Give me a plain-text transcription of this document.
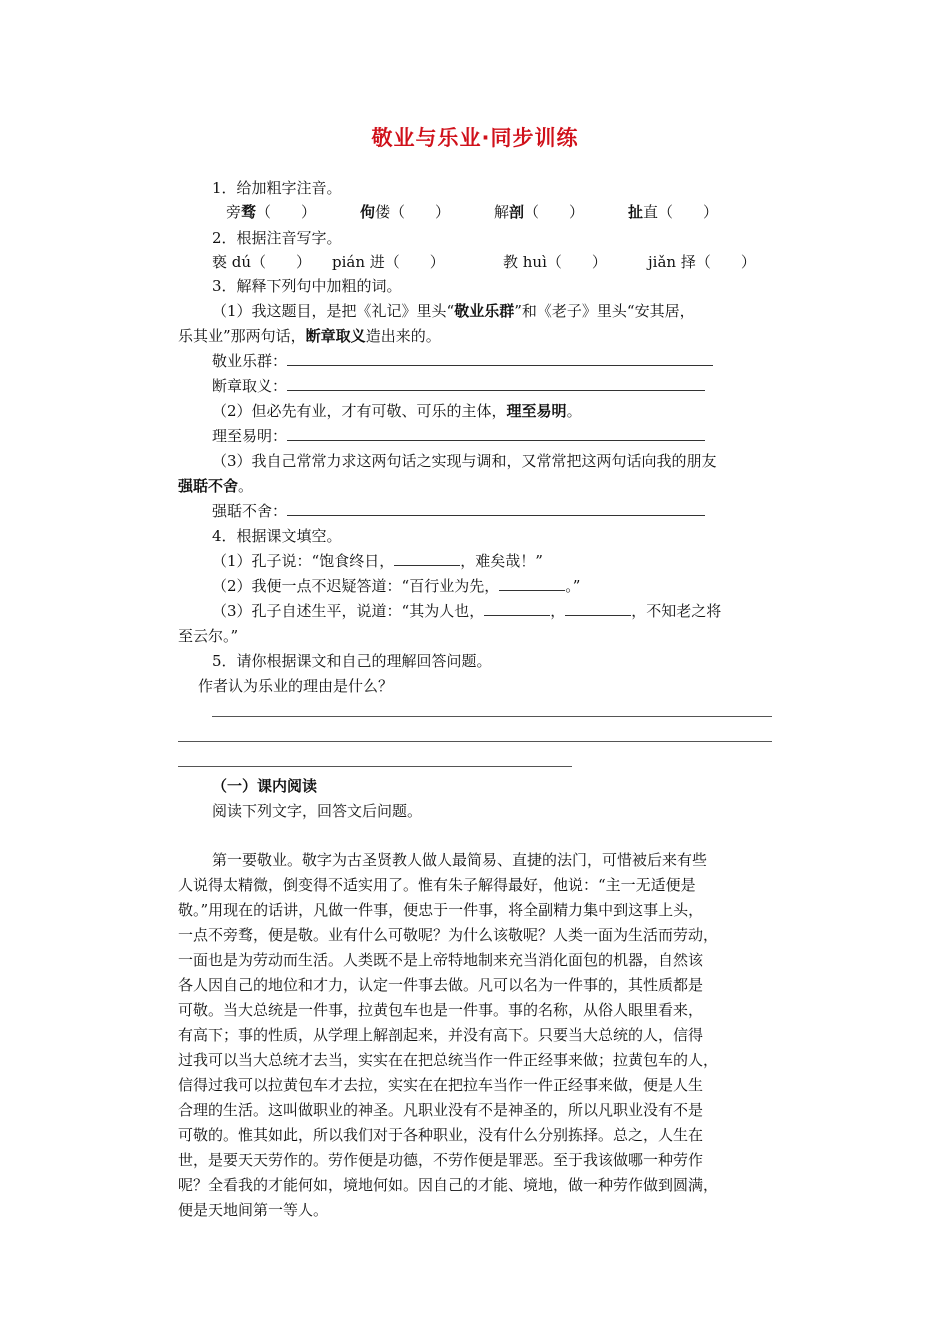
敬业与乐业·同步训练
1．给加粗字注音。
旁骛（　　）	佝偻（　　）	解剖（　　）	扯直（　　）
2．根据注音写字。
亵 dú（　　） pián 进（　　）	教 huì（　　）	jiǎn 择（　　）
3．解释下列句中加粗的词。
（1）我这题目，是把《礼记》里头“敬业乐群”和《老子》里头“安其居，
乐其业”那两句话，断章取义造出来的。
敬业乐群：
断章取义：
（2）但必先有业，才有可敬、可乐的主体，理至易明。
理至易明：
（3）我自己常常力求这两句话之实现与调和，又常常把这两句话向我的朋友
强聒不舍。
强聒不舍：
4．根据课文填空。
（1）孔子说：“饱食终日，	，难矣哉！”
（2）我便一点不迟疑答道：“百行业为先，	。”
（3）孔子自述生平，说道：“其为人也，	，	，不知老之将
至云尔。”
5．请你根据课文和自己的理解回答问题。
作者认为乐业的理由是什么？
（一）课内阅读
阅读下列文字，回答文后问题。
第一要敬业。敬字为古圣贤教人做人最简易、直捷的法门，可惜被后来有些
人说得太精微，倒变得不适实用了。惟有朱子解得最好，他说：“主一无适便是
敬。”用现在的话讲，凡做一件事，便忠于一件事，将全副精力集中到这事上头，
一点不旁骛，便是敬。业有什么可敬呢？为什么该敬呢？人类一面为生活而劳动，
一面也是为劳动而生活。人类既不是上帝特地制来充当消化面包的机器，自然该
各人因自己的地位和才力，认定一件事去做。凡可以名为一件事的，其性质都是
可敬。当大总统是一件事，拉黄包车也是一件事。事的名称，从俗人眼里看来，
有高下；事的性质，从学理上解剖起来，并没有高下。只要当大总统的人，信得
过我可以当大总统才去当，实实在在把总统当作一件正经事来做；拉黄包车的人，
信得过我可以拉黄包车才去拉，实实在在把拉车当作一件正经事来做，便是人生
合理的生活。这叫做职业的神圣。凡职业没有不是神圣的，所以凡职业没有不是
可敬的。惟其如此，所以我们对于各种职业，没有什么分别拣择。总之，人生在
世，是要天天劳作的。劳作便是功德，不劳作便是罪恶。至于我该做哪一种劳作
呢？全看我的才能何如，境地何如。因自己的才能、境地，做一种劳作做到圆满，
便是天地间第一等人。
